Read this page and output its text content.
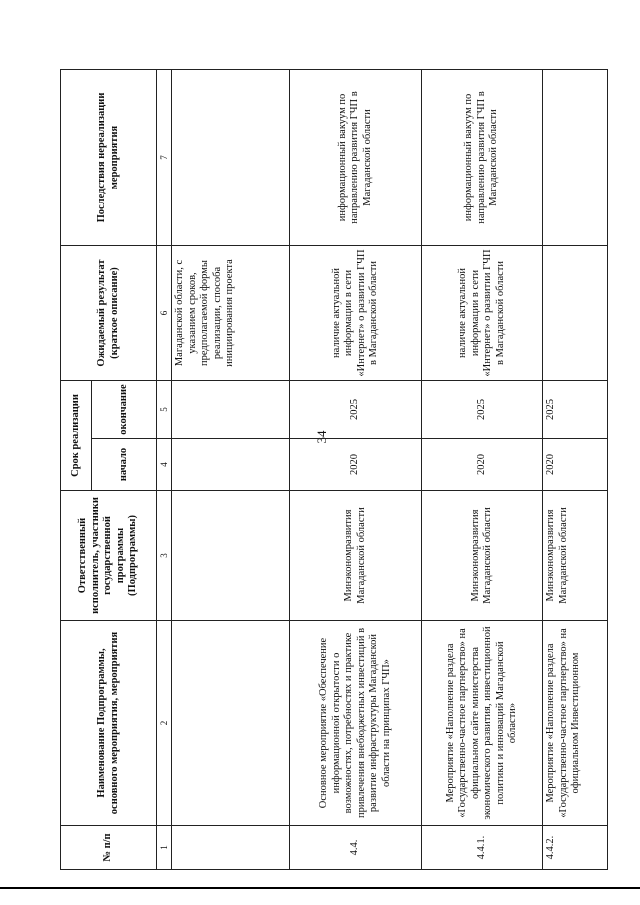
34
№ п/п	Наименование Подпрограммы, основного мероприятия, мероприятия	Ответственный исполнитель, участники государственной программы (Подпрограммы)	Срок реализации		Ожидаемый результат (краткое описание)	Последствия нереализации мероприятия
			начало	окончание		
1	2	3	4	5	6	7
					Магаданской области, с указанием сроков, предполагаемой формы реализации, способа инициирования проекта	
4.4.	Основное мероприятие «Обеспечение информационной открытости о возможностях, потребностях и практике привлечения внебюджетных инвестиций в развитие инфраструктуры Магаданской области на принципах ГЧП»	Минэкономразвития Магаданской области	2020	2025	наличие актуальной информации в сети «Интернет» о развитии ГЧП в Магаданской области	информационный вакуум по направлению развития ГЧП в Магаданской области
4.4.1.	Мероприятие «Наполнение раздела «Государственно-частное партнерство» на официальном сайте министерства экономического развития, инвестиционной политики и инноваций Магаданской области»	Минэкономразвития Магаданской области	2020	2025	наличие актуальной информации в сети «Интернет» о развитии ГЧП в Магаданской области	информационный вакуум по направлению развития ГЧП в Магаданской области
4.4.2.	Мероприятие «Наполнение раздела «Государственно-частное партнерство» на официальном Инвестиционном	Минэкономразвития Магаданской области	2020	2025		
